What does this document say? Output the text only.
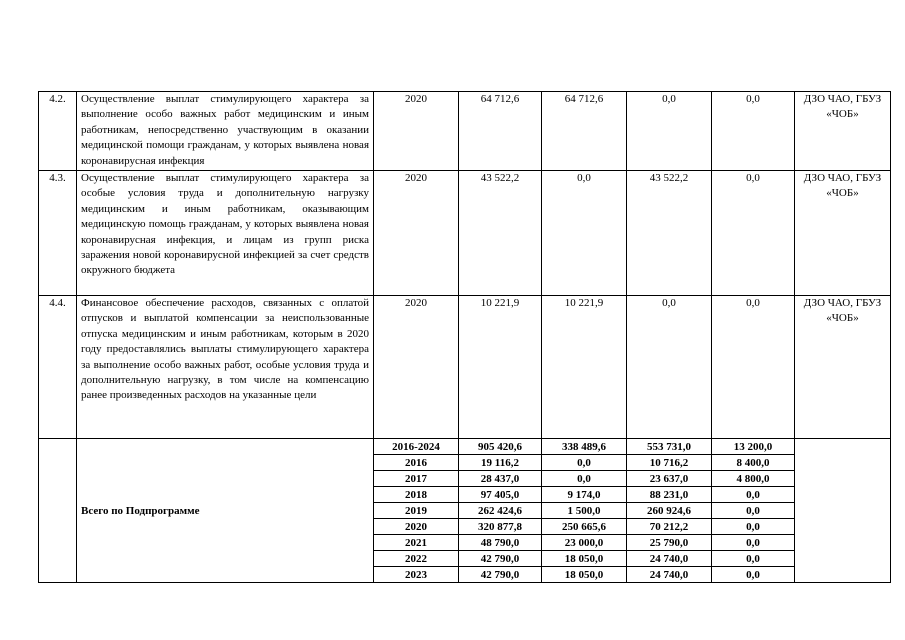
4.2.	Осуществление выплат стимулирующего характера за выполнение особо важных работ медицинским и иным работникам, непосредственно участвующим в оказании медицинской помощи гражданам, у которых выявлена новая коронавирусная инфекция	2020	64 712,6	64 712,6	0,0	0,0	ДЗО ЧАО, ГБУЗ «ЧОБ»
4.3.	Осуществление выплат стимулирующего характера за особые условия труда и дополнительную нагрузку медицинским и иным работникам, оказывающим медицинскую помощь гражданам, у которых выявлена новая коронавирусная инфекция, и лицам из групп риска заражения новой коронавирусной инфекцией за счет средств окружного бюджета	2020	43 522,2	0,0	43 522,2	0,0	ДЗО ЧАО, ГБУЗ «ЧОБ»
4.4.	Финансовое обеспечение расходов, связанных с оплатой отпусков и выплатой компенсации за неиспользованные отпуска медицинским и иным работникам, которым в 2020 году предоставлялись выплаты стимулирующего характера за выполнение особо важных работ, особые условия труда и дополнительную нагрузку, в том числе на компенсацию ранее произведенных расходов на указанные цели	2020	10 221,9	10 221,9	0,0	0,0	ДЗО ЧАО, ГБУЗ «ЧОБ»
	Всего по Подпрограмме	2016-2024	905 420,6	338 489,6	553 731,0	13 200,0	
		2016	19 116,2	0,0	10 716,2	8 400,0	
		2017	28 437,0	0,0	23 637,0	4 800,0	
		2018	97 405,0	9 174,0	88 231,0	0,0	
		2019	262 424,6	1 500,0	260 924,6	0,0	
		2020	320 877,8	250 665,6	70 212,2	0,0	
		2021	48 790,0	23 000,0	25 790,0	0,0	
		2022	42 790,0	18 050,0	24 740,0	0,0	
		2023	42 790,0	18 050,0	24 740,0	0,0	
